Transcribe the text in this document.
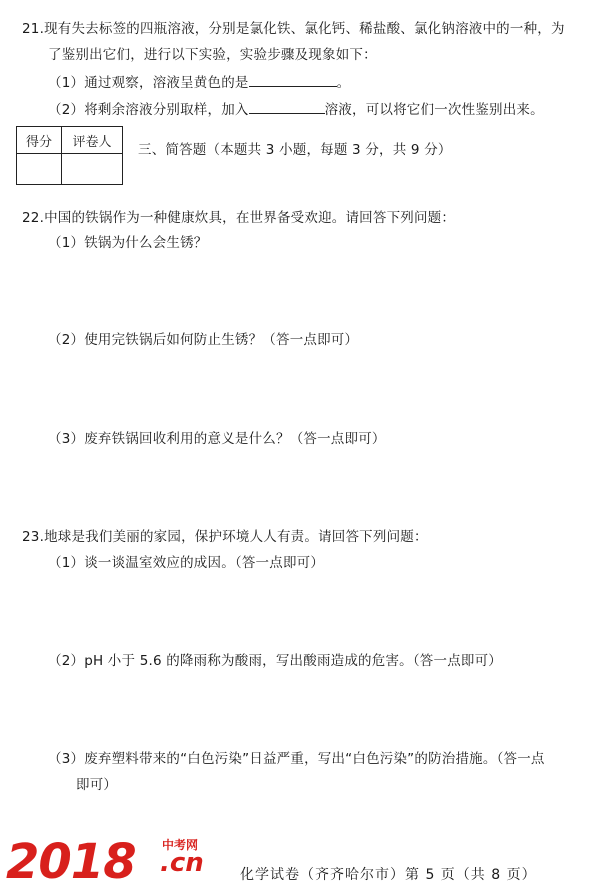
21.现有失去标签的四瓶溶液，分别是氯化铁、氯化钙、稀盐酸、氯化钠溶液中的一种，为
了鉴别出它们，进行以下实验，实验步骤及现象如下：
（1）通过观察，溶液呈黄色的是	。
（2）将剩余溶液分别取样，加入	溶液，可以将它们一次性鉴别出来。
得分	评卷人
	三、简答题（本题共 3 小题，每题 3 分，共 9 分）
22.中国的铁锅作为一种健康炊具，在世界备受欢迎。请回答下列问题：
（1）铁锅为什么会生锈？
（2）使用完铁锅后如何防止生锈？（答一点即可）
（3）废弃铁锅回收利用的意义是什么？（答一点即可）
23.地球是我们美丽的家园，保护环境人人有责。请回答下列问题：
（1）谈一谈温室效应的成因。（答一点即可）
（2）pH 小于 5.6 的降雨称为酸雨，写出酸雨造成的危害。（答一点即可）
（3）废弃塑料带来的“白色污染”日益严重，写出“白色污染”的防治措施。（答一点
即可）
2018 中考网
.cn	化学试卷（齐齐哈尔市）第 5 页（共 8 页）
